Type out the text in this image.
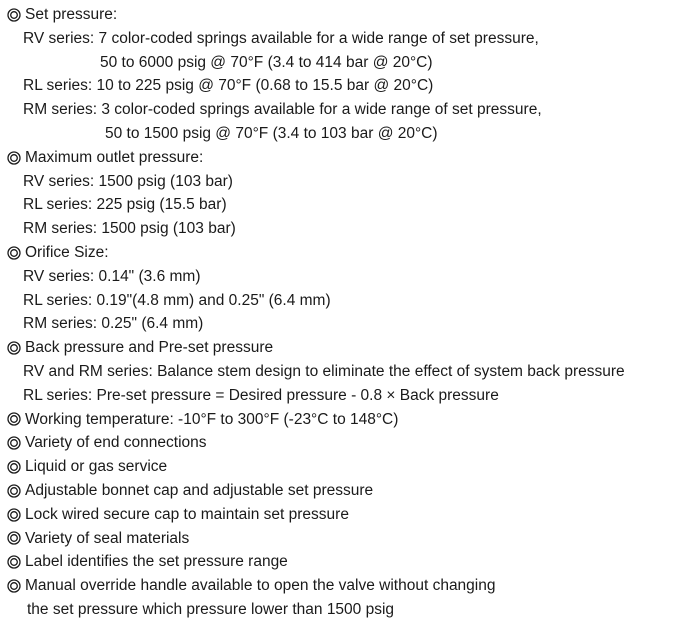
Set pressure:
RV series: 7 color-coded springs available for a wide range of set pressure,
50 to 6000 psig @ 70°F (3.4 to 414 bar @ 20°C)
RL series: 10 to 225 psig @ 70°F (0.68 to 15.5 bar @ 20°C)
RM series: 3 color-coded springs available for a wide range of set pressure,
50 to 1500 psig @ 70°F (3.4 to 103 bar @ 20°C)
Maximum outlet pressure:
RV series: 1500 psig (103 bar)
RL series: 225 psig (15.5 bar)
RM series: 1500 psig (103 bar)
Orifice Size:
RV series: 0.14" (3.6 mm)
RL series: 0.19"(4.8 mm) and 0.25" (6.4 mm)
RM series: 0.25" (6.4 mm)
Back pressure and Pre-set pressure
RV and RM series: Balance stem design to eliminate the effect of system back pressure
RL series: Pre-set pressure = Desired pressure - 0.8 × Back pressure
Working temperature: -10°F to 300°F (-23°C to 148°C)
Variety of end connections
Liquid or gas service
Adjustable bonnet cap and adjustable set pressure
Lock wired secure cap to maintain set pressure
Variety of seal materials
Label identifies the set pressure range
Manual override handle available to open the valve without changing
the set pressure which pressure lower than 1500 psig
